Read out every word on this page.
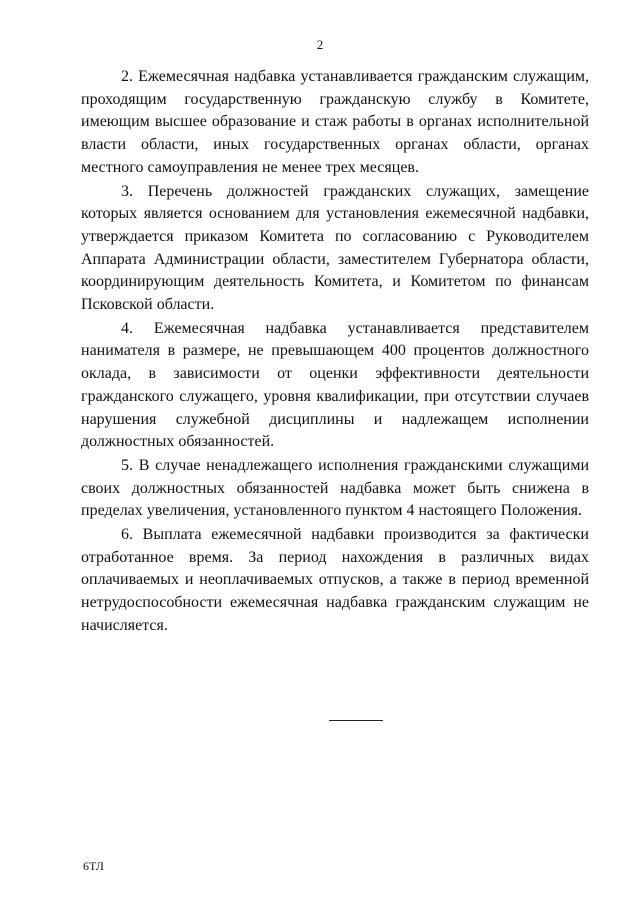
2

2. Ежемесячная надбавка устанавливается гражданским служащим, проходящим государственную гражданскую службу в Комитете, имеющим высшее образование и стаж работы в органах исполнительной власти области, иных государственных органах области, органах местного самоуправления не менее трех месяцев.

3. Перечень должностей гражданских служащих, замещение которых является основанием для установления ежемесячной надбавки, утверждается приказом Комитета по согласованию с Руководителем Аппарата Администрации области, заместителем Губернатора области, координирующим деятельность Комитета, и Комитетом по финансам Псковской области.

4. Ежемесячная надбавка устанавливается представителем нанимателя в размере, не превышающем 400 процентов должностного оклада, в зависимости от оценки эффективности деятельности гражданского служащего, уровня квалификации, при отсутствии случаев нарушения служебной дисциплины и надлежащем исполнении должностных обязанностей.

5. В случае ненадлежащего исполнения гражданскими служащими своих должностных обязанностей надбавка может быть снижена в пределах увеличения, установленного пунктом 4 настоящего Положения.

6. Выплата ежемесячной надбавки производится за фактически отработанное время. За период нахождения в различных видах оплачиваемых и неоплачиваемых отпусков, а также в период временной нетрудоспособности ежемесячная надбавка гражданским служащим не начисляется.

6ТЛ
